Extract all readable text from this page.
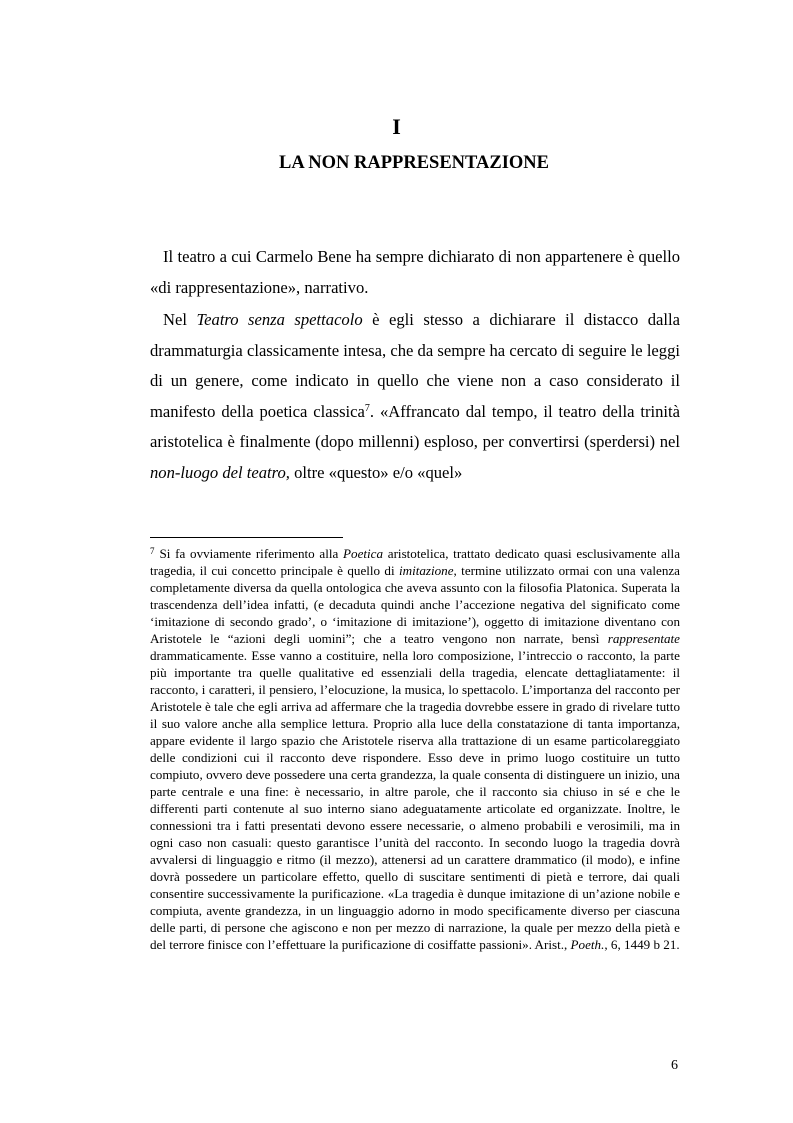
I
LA NON RAPPRESENTAZIONE

Il teatro a cui Carmelo Bene ha sempre dichiarato di non appartenere è quello «di rappresentazione», narrativo.

Nel Teatro senza spettacolo è egli stesso a dichiarare il distacco dalla drammaturgia classicamente intesa, che da sempre ha cercato di seguire le leggi di un genere, come indicato in quello che viene non a caso considerato il manifesto della poetica classica$^7$. «Affrancato dal tempo, il teatro della trinità aristotelica è finalmente (dopo millenni) esploso, per convertirsi (sperdersi) nel non-luogo del teatro, oltre «questo» e/o «quel»

$^7$ Si fa ovviamente riferimento alla Poetica aristotelica, trattato dedicato quasi esclusivamente alla tragedia, il cui concetto principale è quello di imitazione, termine utilizzato ormai con una valenza completamente diversa da quella ontologica che aveva assunto con la filosofia Platonica. Superata la trascendenza dell’idea infatti, (e decaduta quindi anche l’accezione negativa del significato come ‘imitazione di secondo grado’, o ‘imitazione di imitazione’), oggetto di imitazione diventano con Aristotele le “azioni degli uomini”; che a teatro vengono non narrate, bensì rappresentate drammaticamente. Esse vanno a costituire, nella loro composizione, l’intreccio o racconto, la parte più importante tra quelle qualitative ed essenziali della tragedia, elencate dettagliatamente: il racconto, i caratteri, il pensiero, l’elocuzione, la musica, lo spettacolo. L’importanza del racconto per Aristotele è tale che egli arriva ad affermare che la tragedia dovrebbe essere in grado di rivelare tutto il suo valore anche alla semplice lettura. Proprio alla luce della constatazione di tanta importanza, appare evidente il largo spazio che Aristotele riserva alla trattazione di un esame particolareggiato delle condizioni cui il racconto deve rispondere. Esso deve in primo luogo costituire un tutto compiuto, ovvero deve possedere una certa grandezza, la quale consenta di distinguere un inizio, una parte centrale e una fine: è necessario, in altre parole, che il racconto sia chiuso in sé e che le differenti parti contenute al suo interno siano adeguatamente articolate ed organizzate. Inoltre, le connessioni tra i fatti presentati devono essere necessarie, o almeno probabili e verosimili, ma in ogni caso non casuali: questo garantisce l’unità del racconto. In secondo luogo la tragedia dovrà avvalersi di linguaggio e ritmo (il mezzo), attenersi ad un carattere drammatico (il modo), e infine dovrà possedere un particolare effetto, quello di suscitare sentimenti di pietà e terrore, dai quali consentire successivamente la purificazione. «La tragedia è dunque imitazione di un’azione nobile e compiuta, avente grandezza, in un linguaggio adorno in modo specificamente diverso per ciascuna delle parti, di persone che agiscono e non per mezzo di narrazione, la quale per mezzo della pietà e del terrore finisce con l’effettuare la purificazione di cosiffatte passioni». Arist., Poeth., 6, 1449 b 21.

6
